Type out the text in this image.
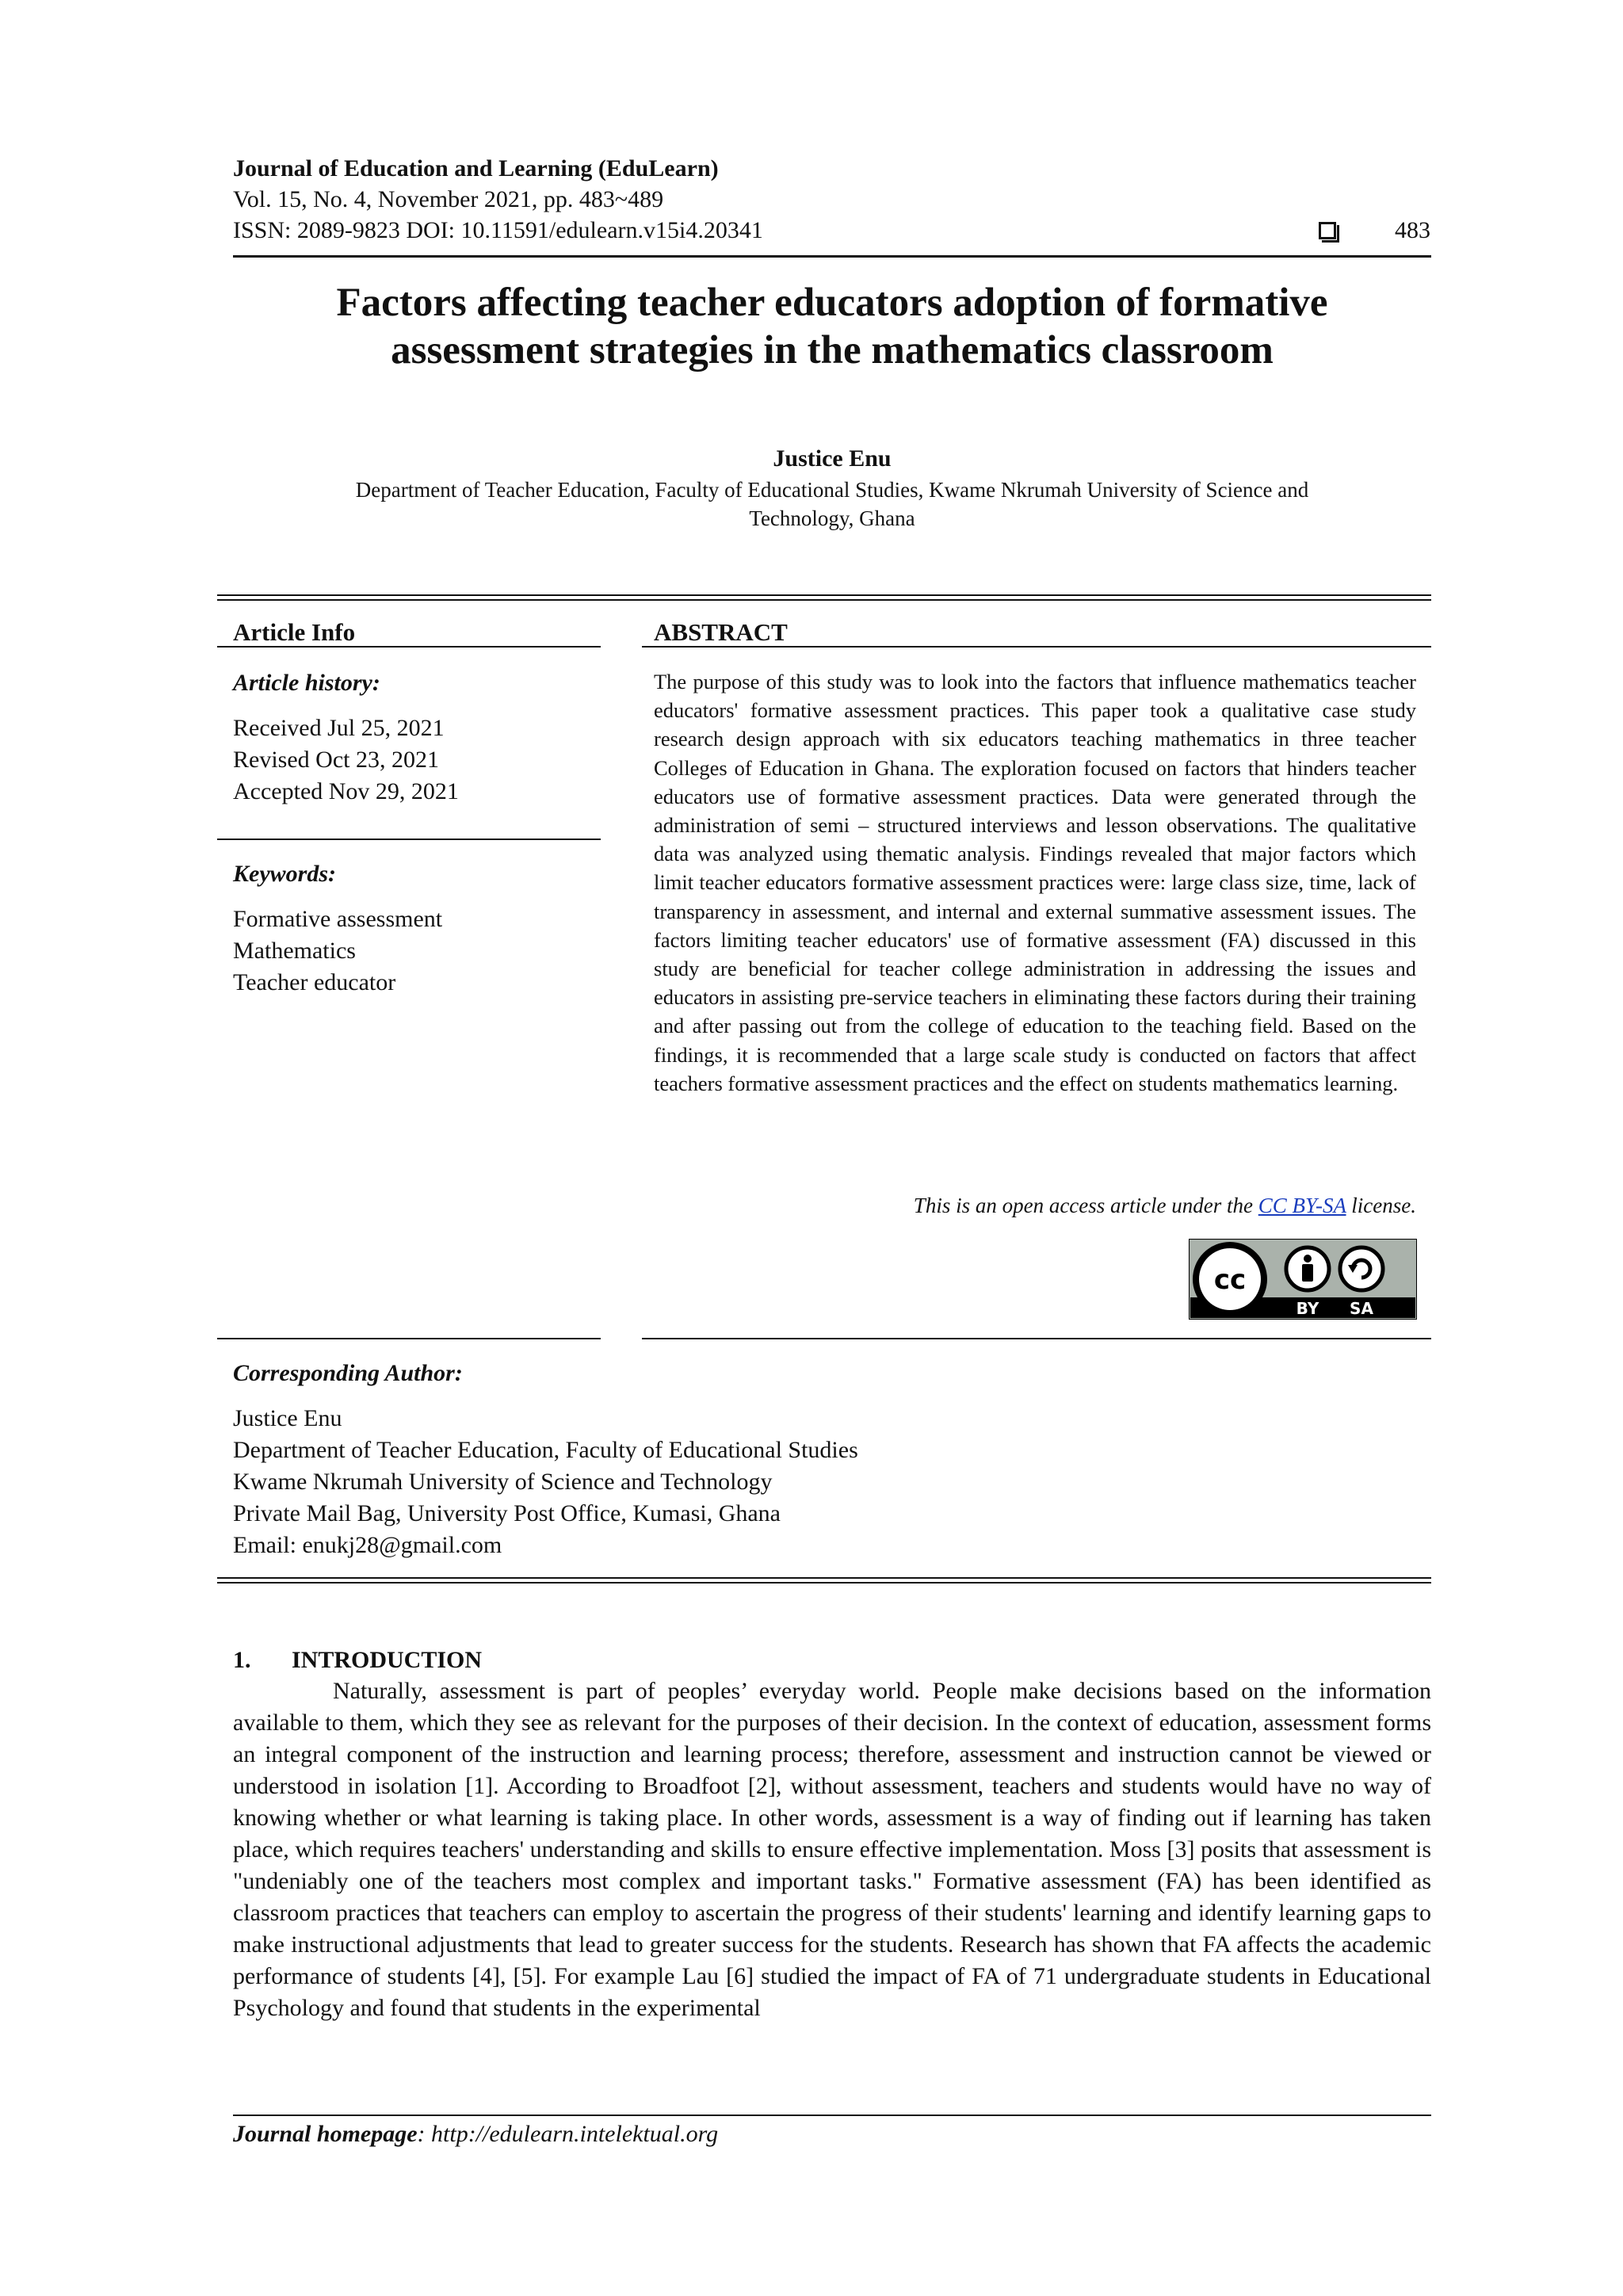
Journal of Education and Learning (EduLearn)
Vol. 15, No. 4, November 2021, pp. 483~489
ISSN: 2089-9823 DOI: 10.11591/edulearn.v15i4.20341	483
Factors affecting teacher educators adoption of formative
assessment strategies in the mathematics classroom
Justice Enu
Department of Teacher Education, Faculty of Educational Studies, Kwame Nkrumah University of Science and
Technology, Ghana
Article Info	ABSTRACT
Article history:
Received Jul 25, 2021
Revised Oct 23, 2021
Accepted Nov 29, 2021
Keywords:
Formative assessment
Mathematics
Teacher educator
The purpose of this study was to look into the factors that influence mathematics teacher educators' formative assessment practices. This paper took a qualitative case study research design approach with six educators teaching mathematics in three teacher Colleges of Education in Ghana. The exploration focused on factors that hinders teacher educators use of formative assessment practices. Data were generated through the administration of semi – structured interviews and lesson observations. The qualitative data was analyzed using thematic analysis. Findings revealed that major factors which limit teacher educators formative assessment practices were: large class size, time, lack of transparency in assessment, and internal and external summative assessment issues. The factors limiting teacher educators' use of formative assessment (FA) discussed in this study are beneficial for teacher college administration in addressing the issues and educators in assisting pre-service teachers in eliminating these factors during their training and after passing out from the college of education to the teaching field. Based on the findings, it is recommended that a large scale study is conducted on factors that affect teachers formative assessment practices and the effect on students mathematics learning.
This is an open access article under the CC BY-SA license.
cc
BY SA
Corresponding Author:
Justice Enu
Department of Teacher Education, Faculty of Educational Studies
Kwame Nkrumah University of Science and Technology
Private Mail Bag, University Post Office, Kumasi, Ghana
Email: enukj28@gmail.com
1. INTRODUCTION
Naturally, assessment is part of peoples’ everyday world. People make decisions based on the information available to them, which they see as relevant for the purposes of their decision. In the context of education, assessment forms an integral component of the instruction and learning process; therefore, assessment and instruction cannot be viewed or understood in isolation [1]. According to Broadfoot [2], without assessment, teachers and students would have no way of knowing whether or what learning is taking place. In other words, assessment is a way of finding out if learning has taken place, which requires teachers' understanding and skills to ensure effective implementation. Moss [3] posits that assessment is "undeniably one of the teachers most complex and important tasks." Formative assessment (FA) has been identified as classroom practices that teachers can employ to ascertain the progress of their students' learning and identify learning gaps to make instructional adjustments that lead to greater success for the students. Research has shown that FA affects the academic performance of students [4], [5]. For example Lau [6] studied the impact of FA of 71 undergraduate students in Educational Psychology and found that students in the experimental
Journal homepage: http://edulearn.intelektual.org
